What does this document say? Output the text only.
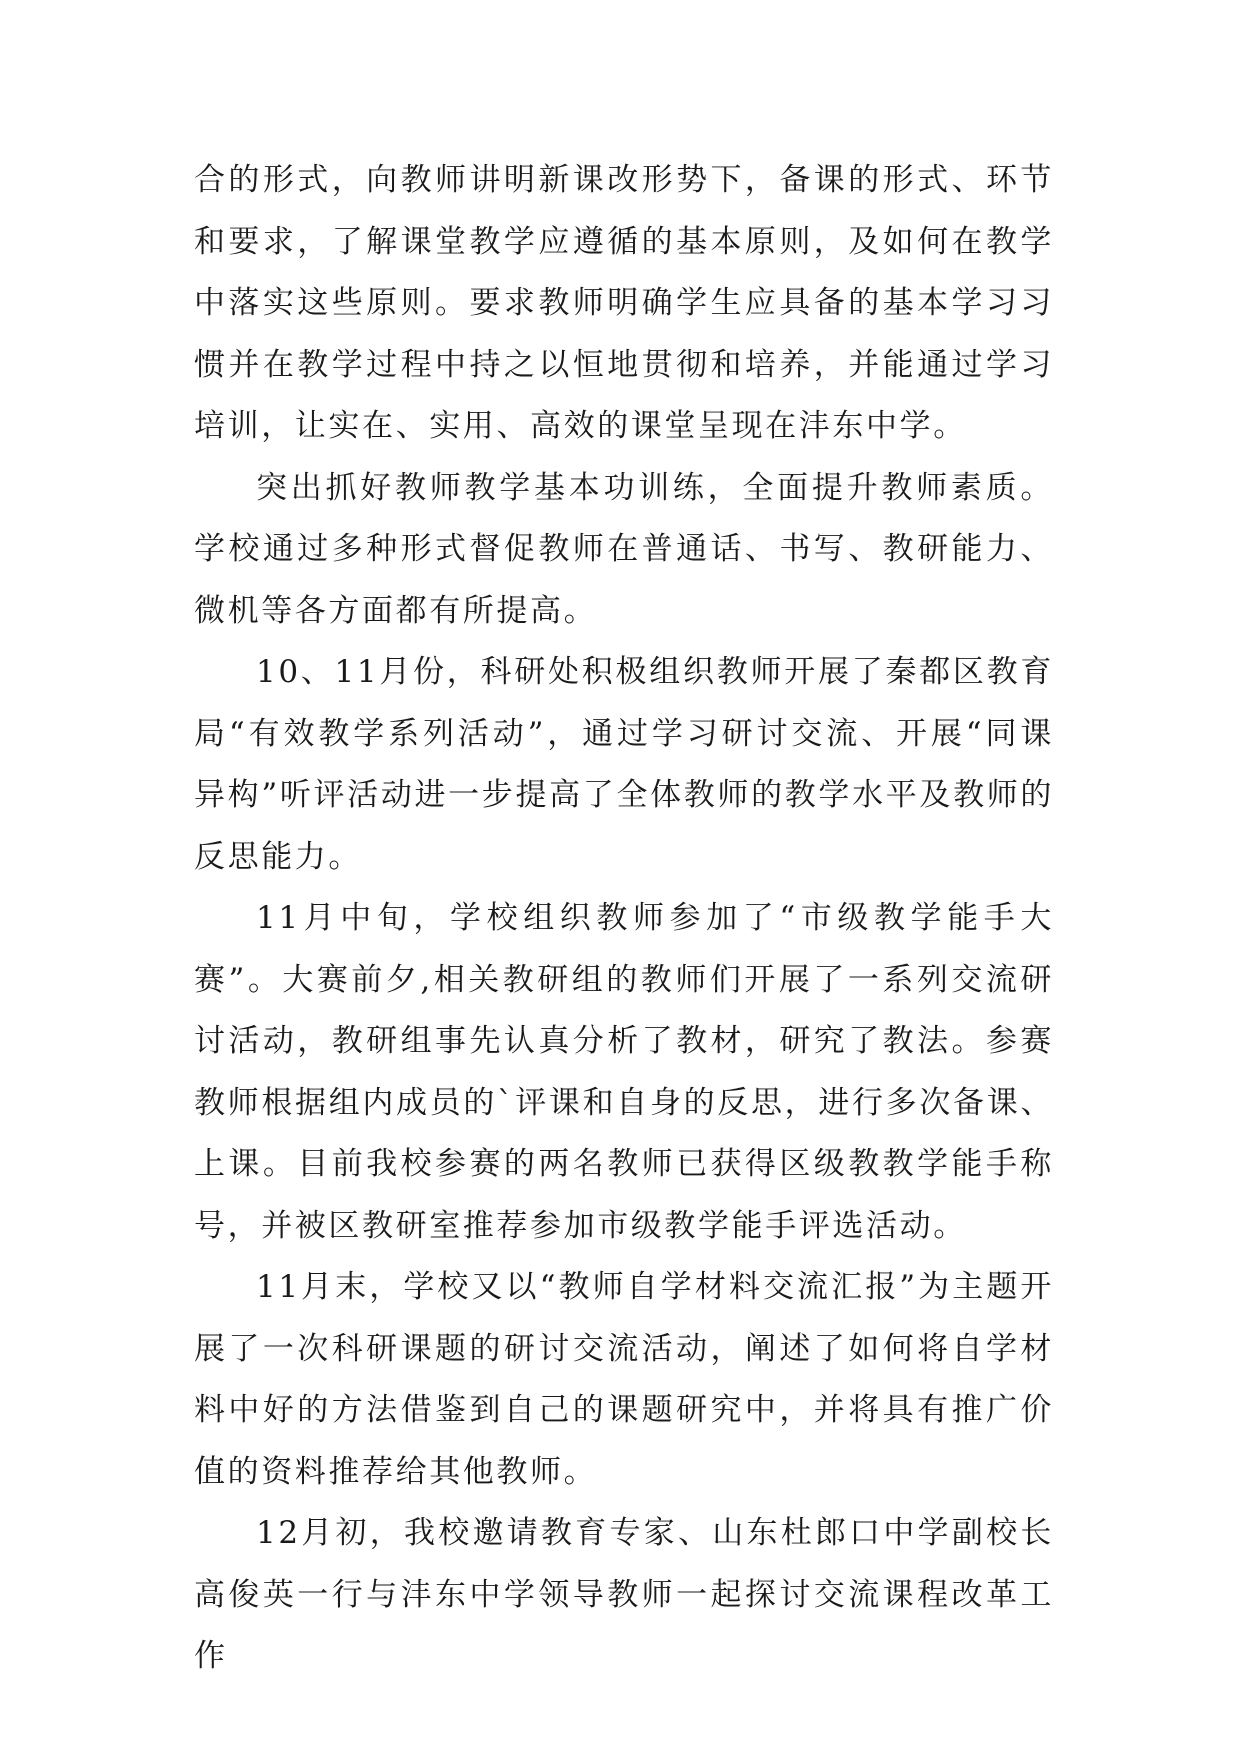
合的形式，向教师讲明新课改形势下，备课的形式、环节和要求，了解课堂教学应遵循的基本原则，及如何在教学中落实这些原则。要求教师明确学生应具备的基本学习习惯并在教学过程中持之以恒地贯彻和培养，并能通过学习培训，让实在、实用、高效的课堂呈现在沣东中学。

突出抓好教师教学基本功训练，全面提升教师素质。学校通过多种形式督促教师在普通话、书写、教研能力、微机等各方面都有所提高。

10、11月份，科研处积极组织教师开展了秦都区教育局“有效教学系列活动”，通过学习研讨交流、开展“同课异构”听评活动进一步提高了全体教师的教学水平及教师的反思能力。

11月中旬，学校组织教师参加了“市级教学能手大赛”。大赛前夕,相关教研组的教师们开展了一系列交流研讨活动，教研组事先认真分析了教材，研究了教法。参赛教师根据组内成员的`评课和自身的反思，进行多次备课、上课。目前我校参赛的两名教师已获得区级教教学能手称号，并被区教研室推荐参加市级教学能手评选活动。

11月末，学校又以“教师自学材料交流汇报”为主题开展了一次科研课题的研讨交流活动，阐述了如何将自学材料中好的方法借鉴到自己的课题研究中，并将具有推广价值的资料推荐给其他教师。

12月初，我校邀请教育专家、山东杜郎口中学副校长高俊英一行与沣东中学领导教师一起探讨交流课程改革工作
